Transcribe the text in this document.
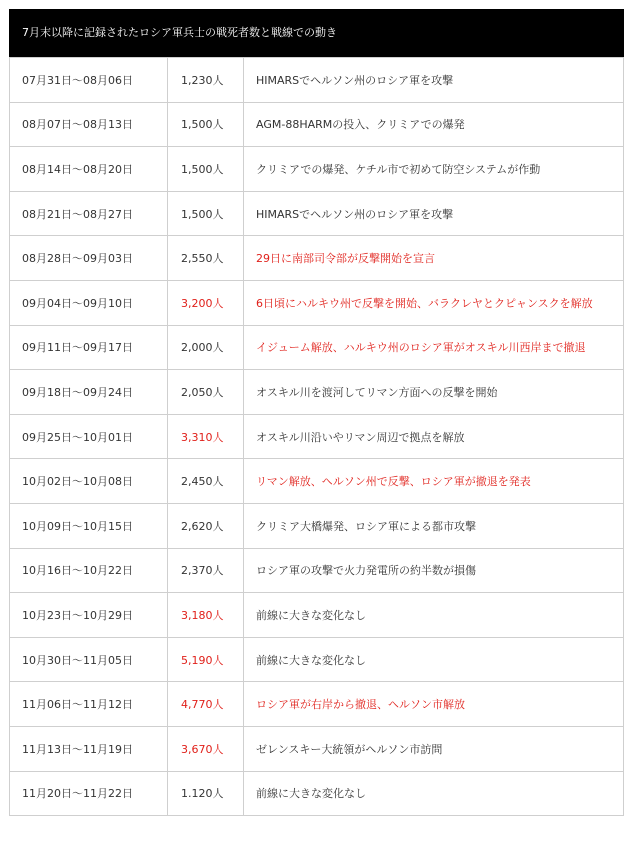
7月末以降に記録されたロシア軍兵士の戦死者数と戦線での動き
07月31日〜08月06日	1,230人	HIMARSでヘルソン州のロシア軍を攻撃
08月07日〜08月13日	1,500人	AGM-88HARMの投入、クリミアでの爆発
08月14日〜08月20日	1,500人	クリミアでの爆発、ケチル市で初めて防空システムが作動
08月21日〜08月27日	1,500人	HIMARSでヘルソン州のロシア軍を攻撃
08月28日〜09月03日	2,550人	29日に南部司令部が反撃開始を宣言
09月04日〜09月10日	3,200人	6日頃にハルキウ州で反撃を開始、バラクレヤとクピャンスクを解放
09月11日〜09月17日	2,000人	イジューム解放、ハルキウ州のロシア軍がオスキル川西岸まで撤退
09月18日〜09月24日	2,050人	オスキル川を渡河してリマン方面への反撃を開始
09月25日〜10月01日	3,310人	オスキル川沿いやリマン周辺で拠点を解放
10月02日〜10月08日	2,450人	リマン解放、ヘルソン州で反撃、ロシア軍が撤退を発表
10月09日〜10月15日	2,620人	クリミア大橋爆発、ロシア軍による都市攻撃
10月16日〜10月22日	2,370人	ロシア軍の攻撃で火力発電所の約半数が損傷
10月23日〜10月29日	3,180人	前線に大きな変化なし
10月30日〜11月05日	5,190人	前線に大きな変化なし
11月06日〜11月12日	4,770人	ロシア軍が右岸から撤退、ヘルソン市解放
11月13日〜11月19日	3,670人	ゼレンスキー大統領がヘルソン市訪問
11月20日〜11月22日	1.120人	前線に大きな変化なし
